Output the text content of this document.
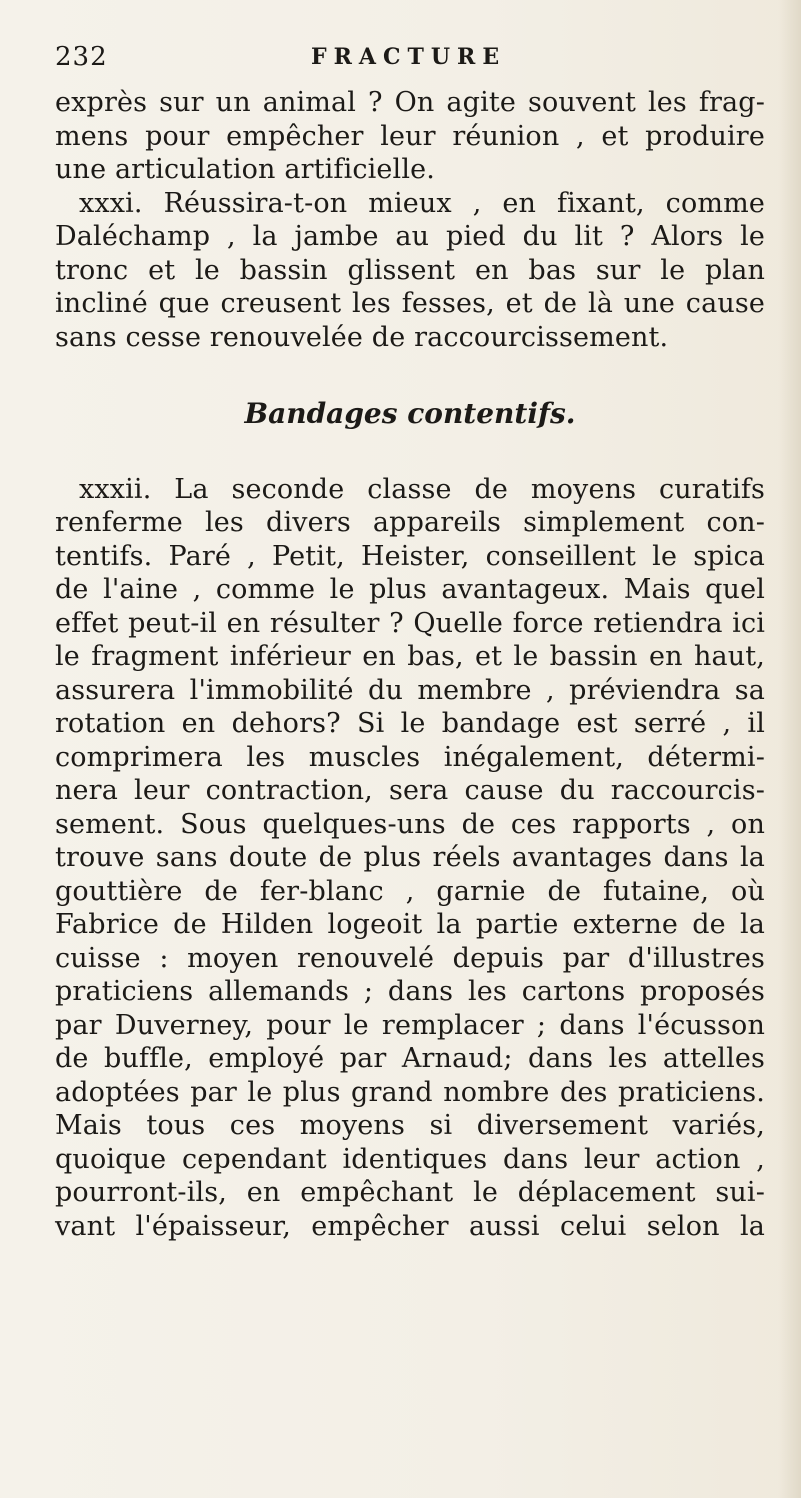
232	FRACTURE
exprès sur un animal ? On agite souvent les frag-
mens pour empêcher leur réunion , et produire
une articulation artificielle.
xxxi. Réussira-t-on mieux , en fixant, comme
Daléchamp , la jambe au pied du lit ? Alors le
tronc et le bassin glissent en bas sur le plan
incliné que creusent les fesses, et de là une cause
sans cesse renouvelée de raccourcissement.
Bandages contentifs.
xxxii. La seconde classe de moyens curatifs
renferme les divers appareils simplement con-
tentifs. Paré , Petit, Heister, conseillent le spica
de l'aine , comme le plus avantageux. Mais quel
effet peut-il en résulter ? Quelle force retiendra ici
le fragment inférieur en bas, et le bassin en haut,
assurera l'immobilité du membre , préviendra sa
rotation en dehors? Si le bandage est serré , il
comprimera les muscles inégalement, détermi-
nera leur contraction, sera cause du raccourcis-
sement. Sous quelques-uns de ces rapports , on
trouve sans doute de plus réels avantages dans la
gouttière de fer-blanc , garnie de futaine, où
Fabrice de Hilden logeoit la partie externe de la
cuisse : moyen renouvelé depuis par d'illustres
praticiens allemands ; dans les cartons proposés
par Duverney, pour le remplacer ; dans l'écusson
de buffle, employé par Arnaud; dans les attelles
adoptées par le plus grand nombre des praticiens.
Mais tous ces moyens si diversement variés,
quoique cependant identiques dans leur action ,
pourront-ils, en empêchant le déplacement sui-
vant l'épaisseur, empêcher aussi celui selon la
